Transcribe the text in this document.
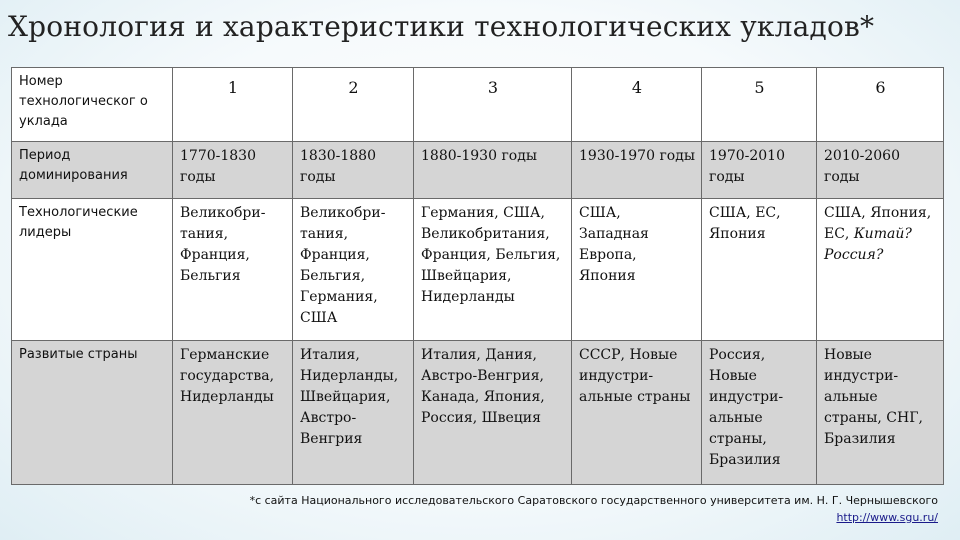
Хронология и характеристики технологических укладов*
Номер технологическог о уклада	1	2	3	4	5	6
Период доминирования	1770-1830 годы	1830-1880 годы	1880-1930 годы	1930-1970 годы	1970-2010 годы	2010-2060 годы
Технологические лидеры	Великобри-тания, Франция, Бельгия	Великобри-тания, Франция, Бельгия, Германия, США	Германия, США, Великобритания, Франция, Бельгия, Швейцария, Нидерланды	США, Западная Европа, Япония	США, ЕС, Япония	США, Япония, ЕС, Китай? Россия?
Развитые страны	Германские государства, Нидерланды	Италия, Нидерланды, Швейцария, Австро-Венгрия	Италия, Дания, Австро-Венгрия, Канада, Япония, Россия, Швеция	СССР, Новые индустри-альные страны	Россия, Новые индустри-альные страны, Бразилия	Новые индустри-альные страны, СНГ, Бразилия
*с сайта Национального исследовательского Саратовского государственного университета им. Н. Г. Чернышевского
http://www.sgu.ru/
